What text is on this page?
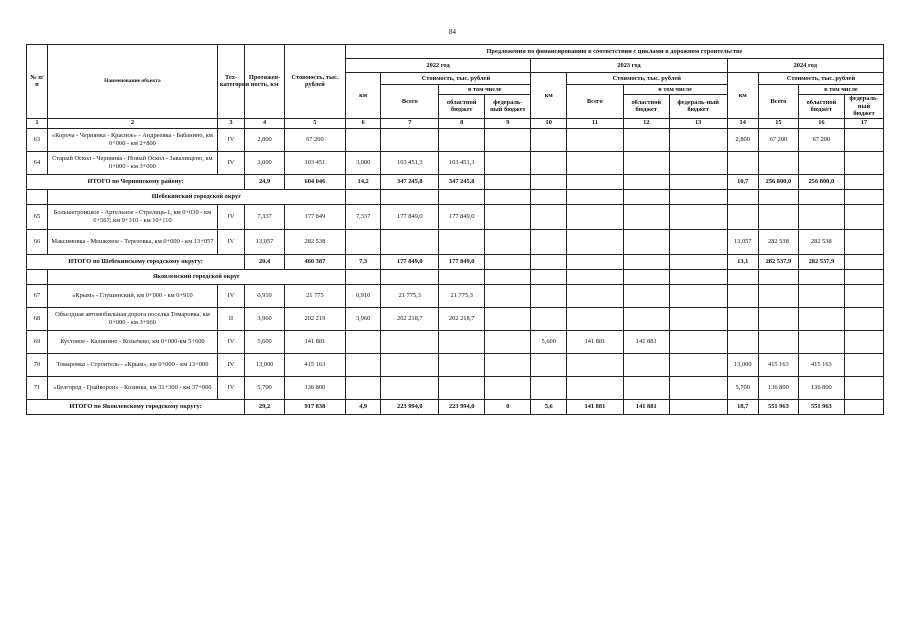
84
№ п/п	Наименование объекта	Тех-категория	Протяжен-ность, км	Стоимость, тыс. рублей	Предложения по финансированию в соответствии с циклами в дорожном строительстве											
					2022 год				2023 год				2024 год			
					км	Стоимость, тыс. рублей			км	Стоимость, тыс. рублей			км	Стоимость, тыс. рублей		
						Всего	в том числе			Всего	в том числе			Всего	в том числе	
							областной бюджет	федераль-ный бюджет			областной бюджет	федераль-ный бюджет			областной бюджет	федераль-ный бюджет
1	2	3	4	5	6	7	8	9	10	11	12	13	14	15	16	17
63	«Короча - Чернянка - Красное» - Андреевка - Бабанинo, км 0+000 - км 2+800	IV	2,800	67 200									2,800	67 200	67 200	
64	Старый Оскол - Чернянка - Новый Оскол - Завалищено, км 0+000 - км 3+000	IV	3,000	103 451	3,000	103 451,3	103 451,3									
ИТОГО по Чернянскому району:			24,9	604 046	14,2	347 245,8	347 245,8						10,7	256 800,0	256 800,0	
	Шебекинский городской округ															
65	Большетроицкое - Артельное - Стрелиць-1, км 0+030 - км 6+567; км 9+310 - км 10+110	IV	7,337	177 849	7,337	177 849,0	177 849,0									
66	Максимовка - Мешковое - Терезовка, км 0+000 - км 13+057	IV	13,057	282 538									13,057	282 538	282 538	
ИТОГО по Шебекинскому городскому округу:			20,4	460 387	7,3	177 849,0	177 849,0						13,1	282 537,9	282 537,9	
	Яковлевский городской округ															
67	«Крым» - Глушинский, км 0+000 - км 0+910	IV	0,910	21 775	0,910	21 775,3	21 775,3									
68	Объездная автомобильная дорога поселка Томаровка, км 0+000 - км 3+960	II	3,960	202 219	3,960	202 218,7	202 218,7									
69	Кустовое - Калинино - Козычево, км 0+000-км 5+600	IV	5,600	141 881					5,600	141 881	141 881					
70	Томаровка - Строитель - «Крым», км 0+000 - км 13+000	IV	13,000	415 163									13,000	415 163	415 163	
71	«Белгород - Грайворон» - Козинка, км 31+300 - км 37+000	IV	5,700	136 800									5,700	136 800	136 800	
ИТОГО по Яковлевскому городскому округу:			29,2	917 838	4,9	223 994,0	223 994,0	0	5,6	141 881	141 881		18,7	551 963	551 963	
